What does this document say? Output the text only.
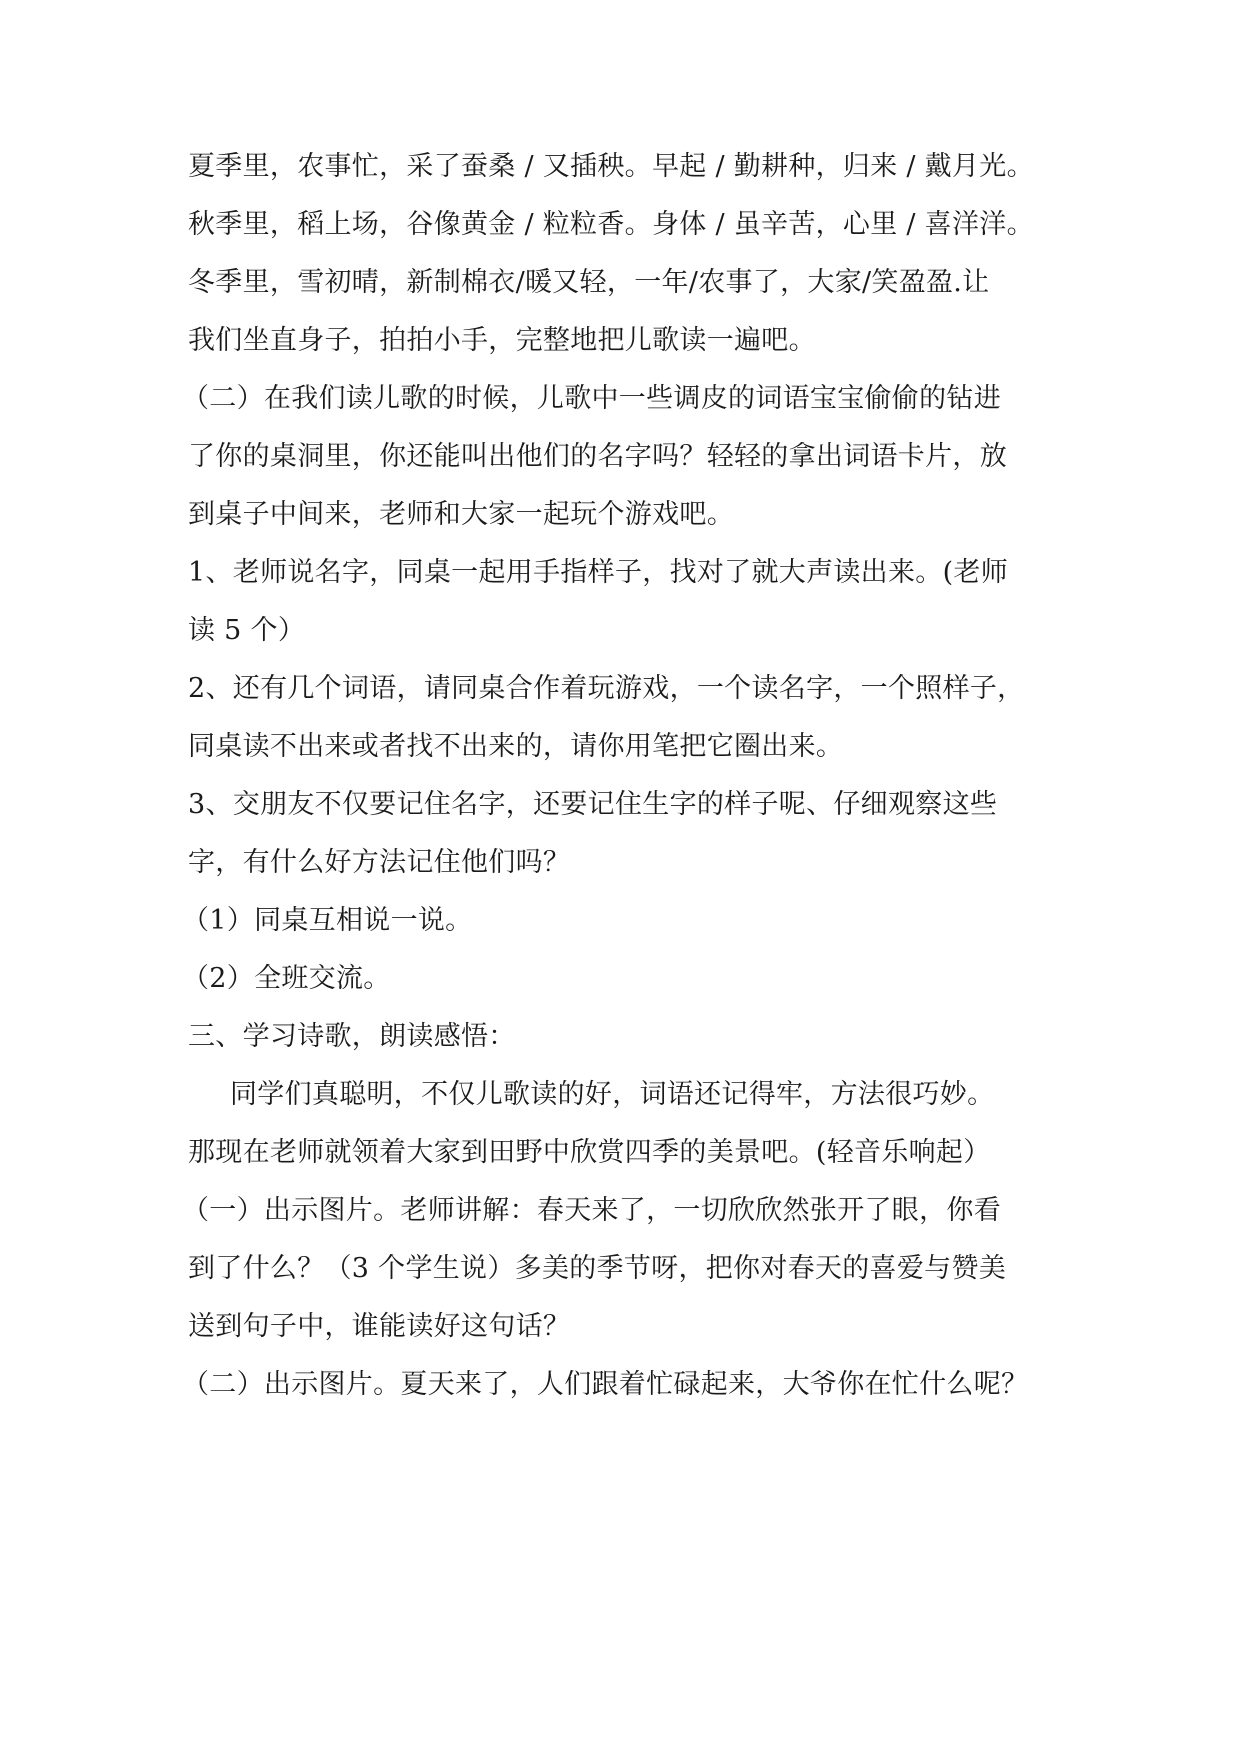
夏季里，农事忙，采了蚕桑 / 又插秧。早起 / 勤耕种，归来 / 戴月光。
秋季里，稻上场，谷像黄金 / 粒粒香。身体 / 虽辛苦，心里 / 喜洋洋。
冬季里，雪初晴，新制棉衣/暖又轻，一年/农事了，大家/笑盈盈.让
我们坐直身子，拍拍小手，完整地把儿歌读一遍吧。
（二）在我们读儿歌的时候，儿歌中一些调皮的词语宝宝偷偷的钻进
了你的桌洞里，你还能叫出他们的名字吗？轻轻的拿出词语卡片，放
到桌子中间来，老师和大家一起玩个游戏吧。
1、老师说名字，同桌一起用手指样子，找对了就大声读出来。(老师
读 5 个）
2、还有几个词语，请同桌合作着玩游戏，一个读名字，一个照样子，
同桌读不出来或者找不出来的，请你用笔把它圈出来。
3、交朋友不仅要记住名字，还要记住生字的样子呢、仔细观察这些
字，有什么好方法记住他们吗？
（1）同桌互相说一说。
（2）全班交流。
三、学习诗歌，朗读感悟：
同学们真聪明，不仅儿歌读的好，词语还记得牢，方法很巧妙。
那现在老师就领着大家到田野中欣赏四季的美景吧。(轻音乐响起）
（一）出示图片。老师讲解：春天来了，一切欣欣然张开了眼，你看
到了什么？（3 个学生说）多美的季节呀，把你对春天的喜爱与赞美
送到句子中，谁能读好这句话？
（二）出示图片。夏天来了，人们跟着忙碌起来，大爷你在忙什么呢？
